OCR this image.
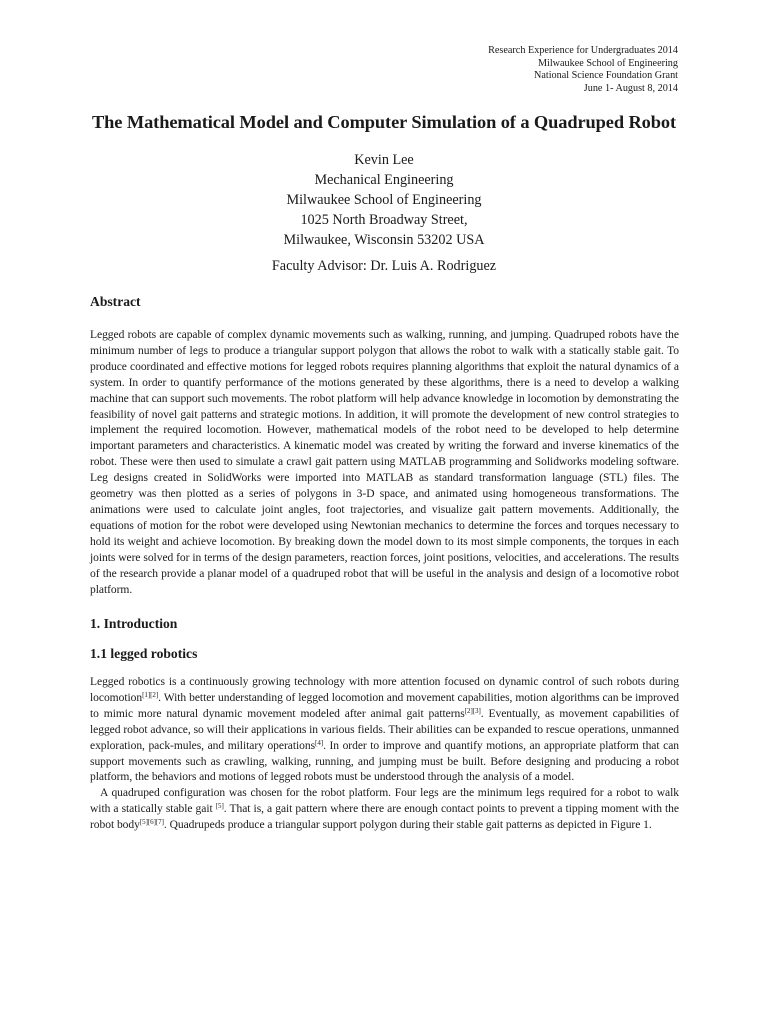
Research Experience for Undergraduates 2014
Milwaukee School of Engineering
National Science Foundation Grant
June 1- August 8, 2014
The Mathematical Model and Computer Simulation of a Quadruped Robot
Kevin Lee
Mechanical Engineering
Milwaukee School of Engineering
1025 North Broadway Street,
Milwaukee, Wisconsin 53202 USA
Faculty Advisor: Dr. Luis A. Rodriguez
Abstract

Legged robots are capable of complex dynamic movements such as walking, running, and jumping. Quadruped robots have the minimum number of legs to produce a triangular support polygon that allows the robot to walk with a statically stable gait. To produce coordinated and effective motions for legged robots requires planning algorithms that exploit the natural dynamics of a system. In order to quantify performance of the motions generated by these algorithms, there is a need to develop a walking machine that can support such movements. The robot platform will help advance knowledge in locomotion by demonstrating the feasibility of novel gait patterns and strategic motions. In addition, it will promote the development of new control strategies to implement the required locomotion. However, mathematical models of the robot need to be developed to help determine important parameters and characteristics. A kinematic model was created by writing the forward and inverse kinematics of the robot. These were then used to simulate a crawl gait pattern using MATLAB programming and Solidworks modeling software. Leg designs created in SolidWorks were imported into MATLAB as standard transformation language (STL) files. The geometry was then plotted as a series of polygons in 3-D space, and animated using homogeneous transformations. The animations were used to calculate joint angles, foot trajectories, and visualize gait pattern movements. Additionally, the equations of motion for the robot were developed using Newtonian mechanics to determine the forces and torques necessary to hold its weight and achieve locomotion. By breaking down the model down to its most simple components, the torques in each joints were solved for in terms of the design parameters, reaction forces, joint positions, velocities, and accelerations. The results of the research provide a planar model of a quadruped robot that will be useful in the analysis and design of a locomotive robot platform.

1. Introduction
1.1 legged robotics

Legged robotics is a continuously growing technology with more attention focused on dynamic control of such robots during locomotion[1][2]. With better understanding of legged locomotion and movement capabilities, motion algorithms can be improved to mimic more natural dynamic movement modeled after animal gait patterns[2][3]. Eventually, as movement capabilities of legged robot advance, so will their applications in various fields. Their abilities can be expanded to rescue operations, unmanned exploration, pack-mules, and military operations[4]. In order to improve and quantify motions, an appropriate platform that can support movements such as crawling, walking, running, and jumping must be built. Before designing and producing a robot platform, the behaviors and motions of legged robots must be understood through the analysis of a model.

A quadruped configuration was chosen for the robot platform. Four legs are the minimum legs required for a robot to walk with a statically stable gait [5]. That is, a gait pattern where there are enough contact points to prevent a tipping moment with the robot body[5][6][7]. Quadrupeds produce a triangular support polygon during their stable gait patterns as depicted in Figure 1.
